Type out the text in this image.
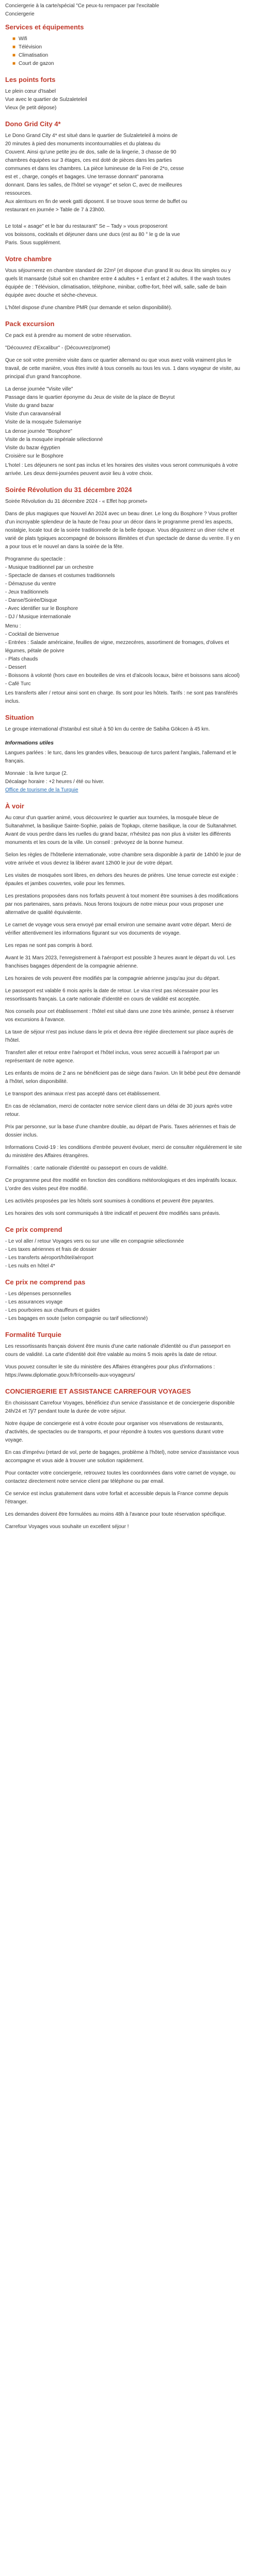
Conciergerie à la carte/spécial "Ce peux-tu rempacer par l'excitable
Conciergerie
Services et équipements
■ Wifi
■ Télévision
■ Climatisation
■ Court de gazon
Les points forts
Le plein cœur d'Isabel
Vue avec le quartier de Sulzaleteleil
Vieux (le petit dépose)
Dono Grid City 4*
Le Dono Grand City 4* est situé dans le quartier de Sulzaleteleil à moins de
20 minutes à pied des monuments incontournables et du plateau du
Couvent. Ainsi qu'une petite jeu de dos, salle de la lingerie, 3 chasse de 90
chambres équipées sur 3 étages, ces est doté de pièces dans les parties
communes et dans les chambres. La pièce lumineuse de la Frei de 2*o, cesse
est et , charge, congés et bagages. Une terrasse donnant" panorama
donnant. Dans les salles, de l'hôtel se voyage" et selon C, avec de meilleures
ressources.
Aux alentours en fin de week gatti diposent. Il se trouve sous terme de buffet ou
restaurant en journée > Table de 7 à 23h00.
Le total « asage" et le bar du restaurant" Se – Tady » vous proposeront
vos boissons, cocktails et déjeuner dans une ducs (est au 80 ° le g de la vue
Paris. Sous supplément.
Votre chambre

Vous séjournerez en chambre standard de 22m² (et dispose d'un grand lit ou deux lits simples ou y quels lit mansarde (situé soit en chambre entre 4 adultes + 1 enfant et 2 adultes. Il the wash toutes équipée de : Télévision, climatisation, téléphone, minibar, coffre-fort, frèel wifi, salle, salle de bain équipée avec douche et sèche-cheveux.

L'hôtel dispose d'une chambre PMR (sur demande et selon disponibilité).

Pack excursion

Ce pack est à prendre au moment de votre réservation.

"Découvrez d'Excalibur" - (Découvrez/promet)

Que ce soit votre première visite dans ce quartier allemand ou que vous avez voilà vraiment plus le travail, de cette manière, vous êtes invité à tous conseils au tous les vus. 1 dans voyageur de visite, au principal d'un grand francophone.

La dense journée "Visite ville"
Passage dans le quartier éponyme du Jeux de visite de la place de Beyrut
Visite du grand bazar
Visite d'un caravansérail
Visite de la mosquée Sulemaniye
La dense journée "Bosphore"
Visite de la mosquée impériale sélectionné
Visite du bazar égyptien
Croisière sur le Bosphore

L'hotel : Les déjeuners ne sont pas inclus et les horaires des visites vous seront communiqués à votre arrivée. Les deux demi-journées peuvent avoir lieu à votre choix.

Soirée Révolution du 31 décembre 2024

Soirée Révolution du 31 décembre 2024 - « Effet hop promet»

Dans de plus magiques que Nouvel An 2024 avec un beau diner. Le long du Bosphore ? Vous profiter d'un incroyable splendeur de la haute de l'eau pour un décor dans le programme prend les aspects, nostalgie, locale tout de la soirée traditionnelle de la belle époque. Vous dégusterez un diner riche et varié de plats typiques accompagné de boissons illimitées et d'un spectacle de danse du ventre. Il y en a pour tous et le nouvel an dans la soirée de la fête.

Programme du spectacle :
- Musique traditionnel par un orchestre
- Spectacle de danses et costumes traditionnels
- Démazuse du ventre
- Jeux traditionnels
- Danse/Soirée/Disque
- Avec identifier sur le Bosphore
- DJ / Musique internationale
Menu :
- Cocktail de bienvenue
- Entrées : Salade américaine, feuilles de vigne, mezzecéres, assortiment de fromages, d'olives et légumes, pétale de poivre
- Plats chauds
- Dessert
- Boissons à volonté (hors cave en bouteilles de vins et d'alcools locaux, bière et boissons sans alcool)
- Café Turc

Les transferts aller / retour ainsi sont en charge. Ils sont pour les hôtels. Tarifs : ne sont pas transférés inclus.

Situation

Le groupe international d'Istanbul est situé à 50 km du centre de Sabiha Gökcen à 45 km.

Informations utiles

Langues parlées : le turc, dans les grandes villes, beaucoup de turcs parlent l'anglais, l'allemand et le français.

Monnaie : la livre turque (2.
Décalage horaire : +2 heures / été ou hiver.
Office de tourisme de la Turquie
À voir

Au cœur d'un quartier animé, vous découvrirez le quartier aux tournées, la mosquée bleue de Sultanahmet, la basilique Sainte-Sophie, palais de Topkapı, citerne basilique, la cour de Sultanahmet. Avant de vous perdre dans les ruelles du grand bazar, n'hésitez pas non plus à visiter les différents monuments et les cours de la ville. Un conseil : prévoyez de la bonne humeur.

Selon les règles de l'hôtellerie internationale, votre chambre sera disponible à partir de 14h00 le jour de votre arrivée et vous devrez la libérer avant 12h00 le jour de votre départ.

Les visites de mosquées sont libres, en dehors des heures de prières. Une tenue correcte est exigée : épaules et jambes couvertes, voile pour les femmes.

Les prestations proposées dans nos forfaits peuvent à tout moment être soumises à des modifications par nos partenaires, sans préavis. Nous ferons toujours de notre mieux pour vous proposer une alternative de qualité équivalente.

Le carnet de voyage vous sera envoyé par email environ une semaine avant votre départ. Merci de vérifier attentivement les informations figurant sur vos documents de voyage.

Les repas ne sont pas compris à bord.

Avant le 31 Mars 2023, l'enregistrement à l'aéroport est possible 3 heures avant le départ du vol. Les franchises bagages dépendent de la compagnie aérienne.

Les horaires de vols peuvent être modifiés par la compagnie aérienne jusqu'au jour du départ.

Le passeport est valable 6 mois après la date de retour. Le visa n'est pas nécessaire pour les ressortissants français. La carte nationale d'identité en cours de validité est acceptée.

Nos conseils pour cet établissement : l'hôtel est situé dans une zone très animée, pensez à réserver vos excursions à l'avance.

La taxe de séjour n'est pas incluse dans le prix et devra être réglée directement sur place auprès de l'hôtel.

Transfert aller et retour entre l'aéroport et l'hôtel inclus, vous serez accueilli à l'aéroport par un représentant de notre agence.

Les enfants de moins de 2 ans ne bénéficient pas de siège dans l'avion. Un lit bébé peut être demandé à l'hôtel, selon disponibilité.

Le transport des animaux n'est pas accepté dans cet établissement.

En cas de réclamation, merci de contacter notre service client dans un délai de 30 jours après votre retour.

Prix par personne, sur la base d'une chambre double, au départ de Paris. Taxes aériennes et frais de dossier inclus.

Informations Covid-19 : les conditions d'entrée peuvent évoluer, merci de consulter régulièrement le site du ministère des Affaires étrangères.

Formalités : carte nationale d'identité ou passeport en cours de validité.

Ce programme peut être modifié en fonction des conditions météorologiques et des impératifs locaux. L'ordre des visites peut être modifié.

Les activités proposées par les hôtels sont soumises à conditions et peuvent être payantes.

Les horaires des vols sont communiqués à titre indicatif et peuvent être modifiés sans préavis.

Ce prix comprend
- Le vol aller / retour Voyages vers ou sur une ville en compagnie sélectionnée
- Les taxes aériennes et frais de dossier
- Les transferts aéroport/hôtel/aéroport
- Les nuits en hôtel 4*
Ce prix ne comprend pas
- Les dépenses personnelles
- Les assurances voyage
- Les pourboires aux chauffeurs et guides
- Les bagages en soute (selon compagnie ou tarif sélectionné)
Formalité Turquie

Les ressortissants français doivent être munis d'une carte nationale d'identité ou d'un passeport en cours de validité. La carte d'identité doit être valable au moins 5 mois après la date de retour.

Vous pouvez consulter le site du ministère des Affaires étrangères pour plus d'informations : https://www.diplomatie.gouv.fr/fr/conseils-aux-voyageurs/

CONCIERGERIE ET ASSISTANCE CARREFOUR VOYAGES

En choisissant Carrefour Voyages, bénéficiez d'un service d'assistance et de conciergerie disponible 24h/24 et 7j/7 pendant toute la durée de votre séjour.

Notre équipe de conciergerie est à votre écoute pour organiser vos réservations de restaurants, d'activités, de spectacles ou de transports, et pour répondre à toutes vos questions durant votre voyage.

En cas d'imprévu (retard de vol, perte de bagages, problème à l'hôtel), notre service d'assistance vous accompagne et vous aide à trouver une solution rapidement.

Pour contacter votre conciergerie, retrouvez toutes les coordonnées dans votre carnet de voyage, ou contactez directement notre service client par téléphone ou par email.

Ce service est inclus gratuitement dans votre forfait et accessible depuis la France comme depuis l'étranger.

Les demandes doivent être formulées au moins 48h à l'avance pour toute réservation spécifique.

Carrefour Voyages vous souhaite un excellent séjour !
